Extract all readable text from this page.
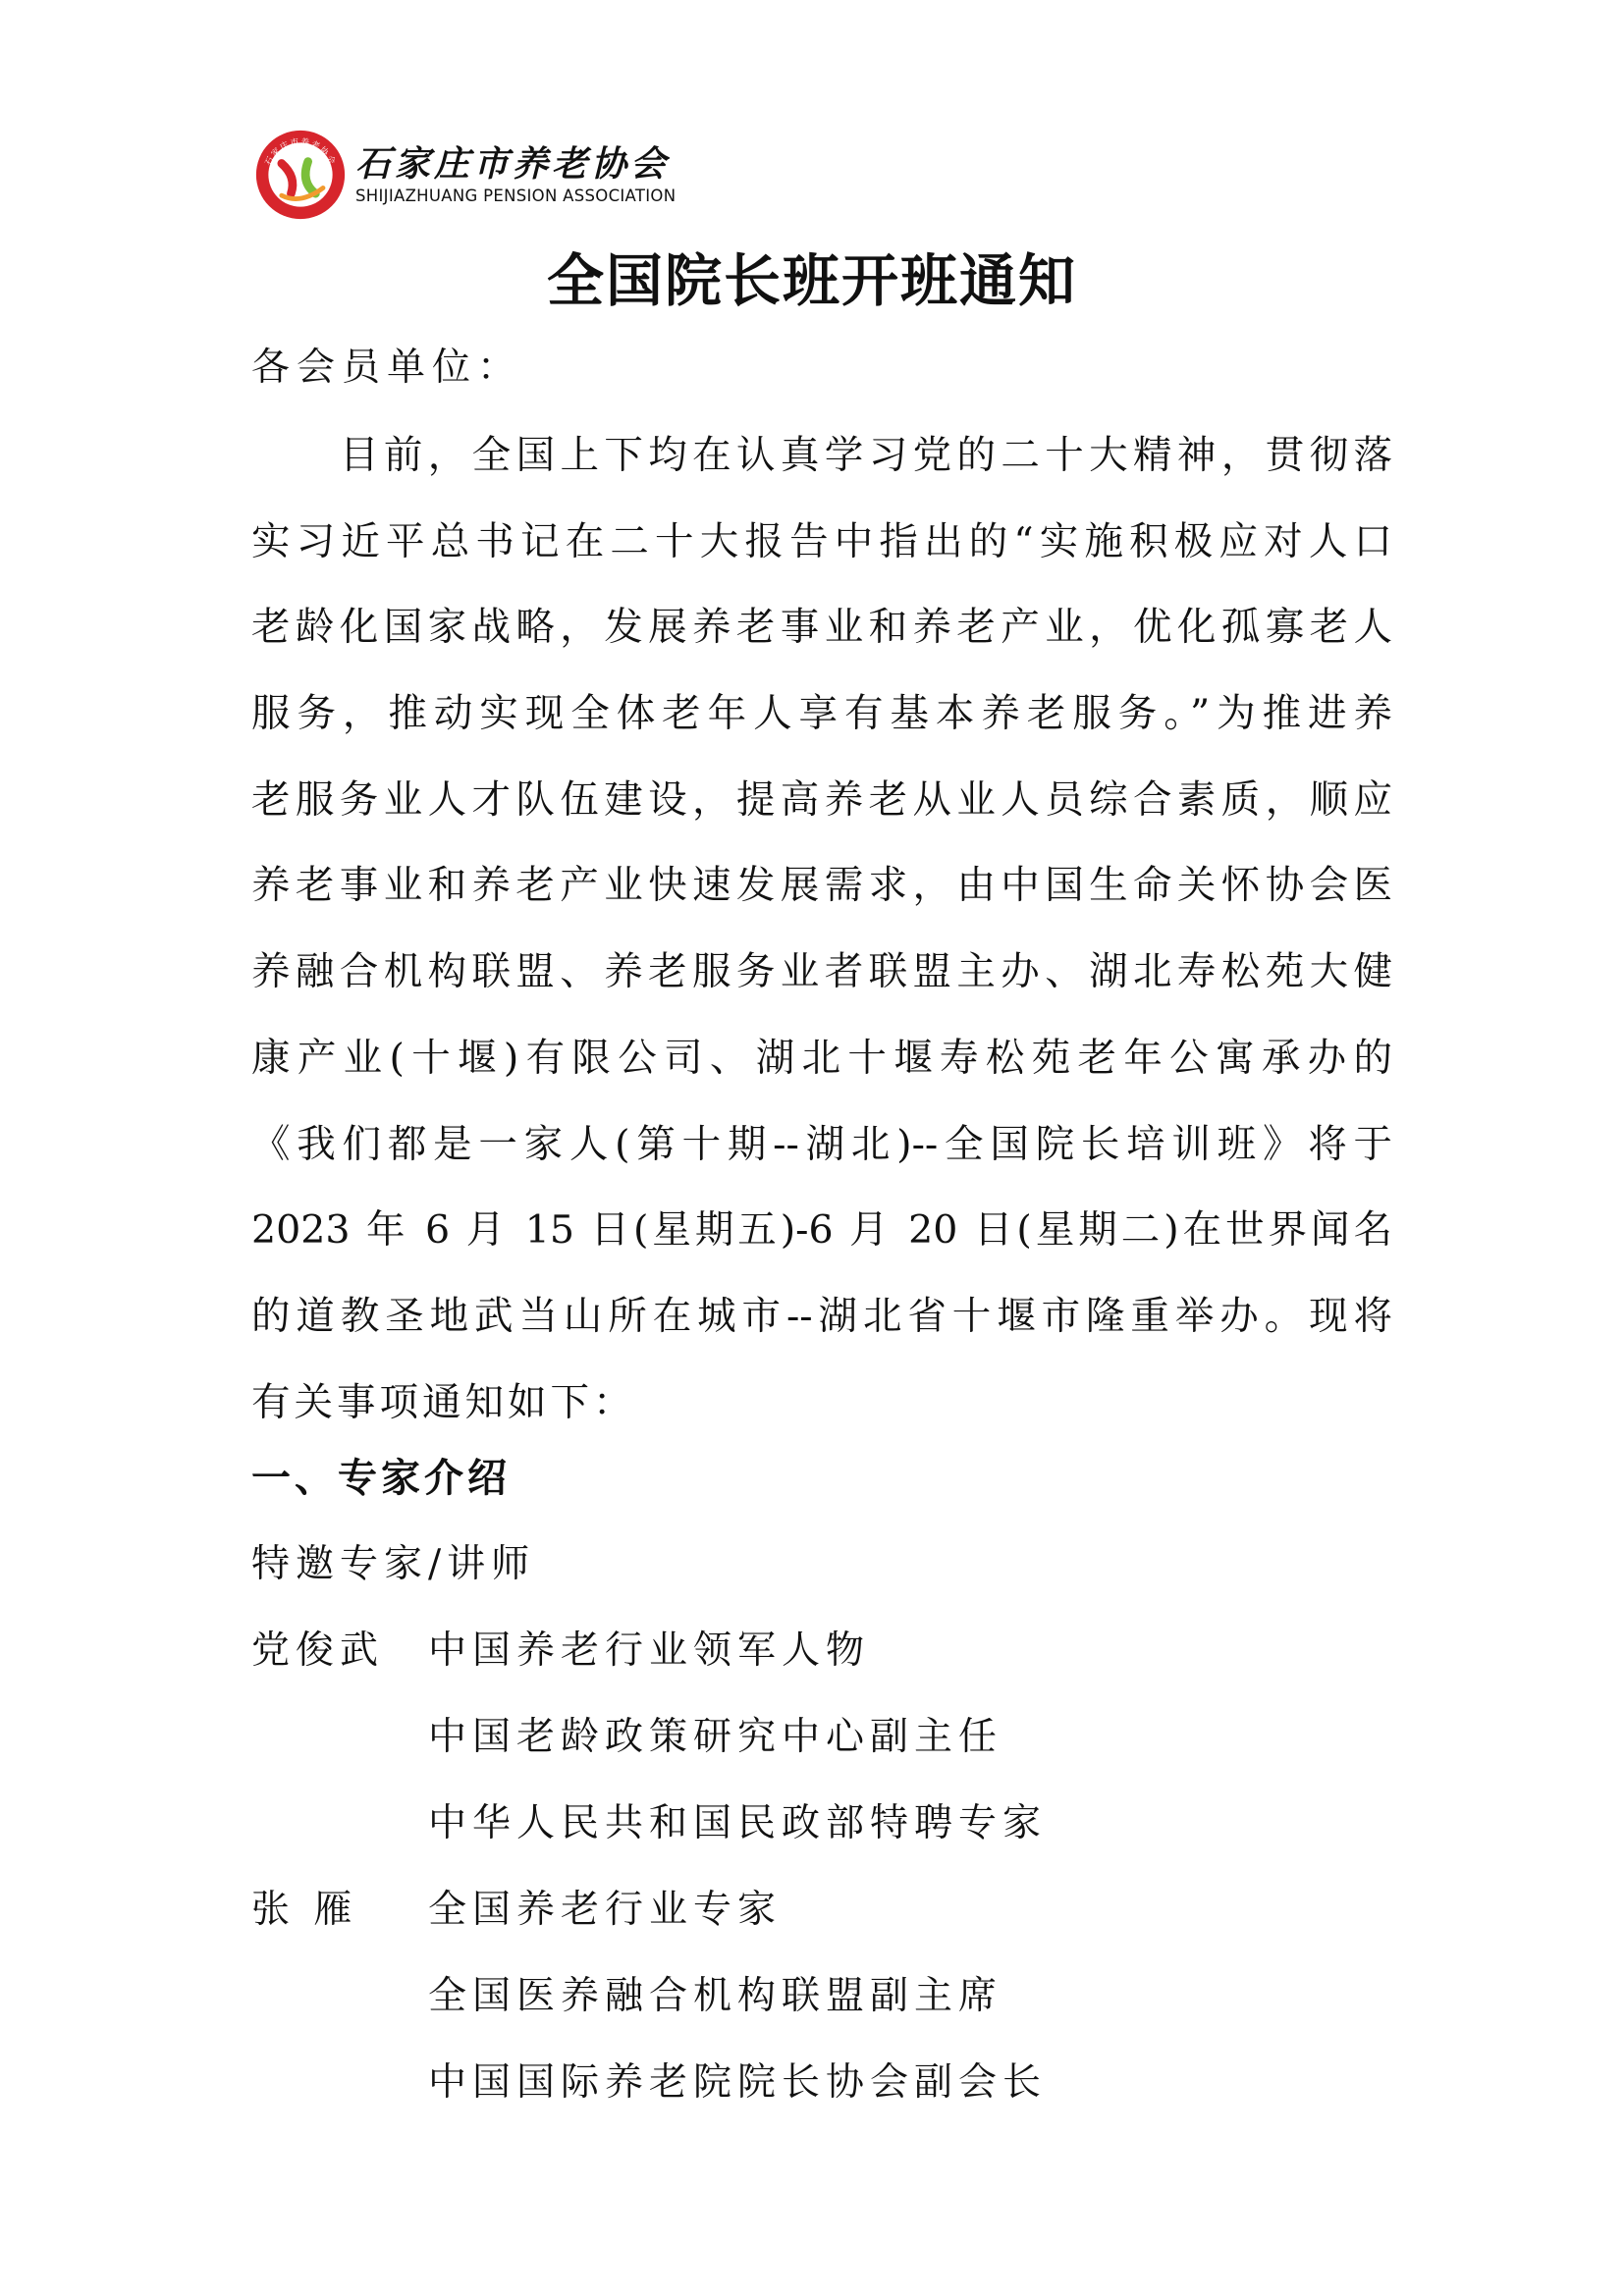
石家庄市养老协会 石家庄市养老协会
SHIJIAZHUANG PENSION ASSOCIATION
全国院长班开班通知
各会员单位：
目前，全国上下均在认真学习党的二十大精神，贯彻落
实习近平总书记在二十大报告中指出的“实施积极应对人口
老龄化国家战略，发展养老事业和养老产业，优化孤寡老人
服务，推动实现全体老年人享有基本养老服务。”为推进养
老服务业人才队伍建设，提高养老从业人员综合素质，顺应
养老事业和养老产业快速发展需求，由中国生命关怀协会医
养融合机构联盟、养老服务业者联盟主办、湖北寿松苑大健
康产业(十堰)有限公司、湖北十堰寿松苑老年公寓承办的
《我们都是一家人(第十期--湖北)--全国院长培训班》将于
2023 年 6 月 15 日(星期五)-6 月 20 日(星期二)在世界闻名
的道教圣地武当山所在城市--湖北省十堰市隆重举办。现将
有关事项通知如下：
一、专家介绍
特邀专家/讲师
党俊武 中国养老行业领军人物
中国老龄政策研究中心副主任
中华人民共和国民政部特聘专家
张 雁 全国养老行业专家
全国医养融合机构联盟副主席
中国国际养老院院长协会副会长
